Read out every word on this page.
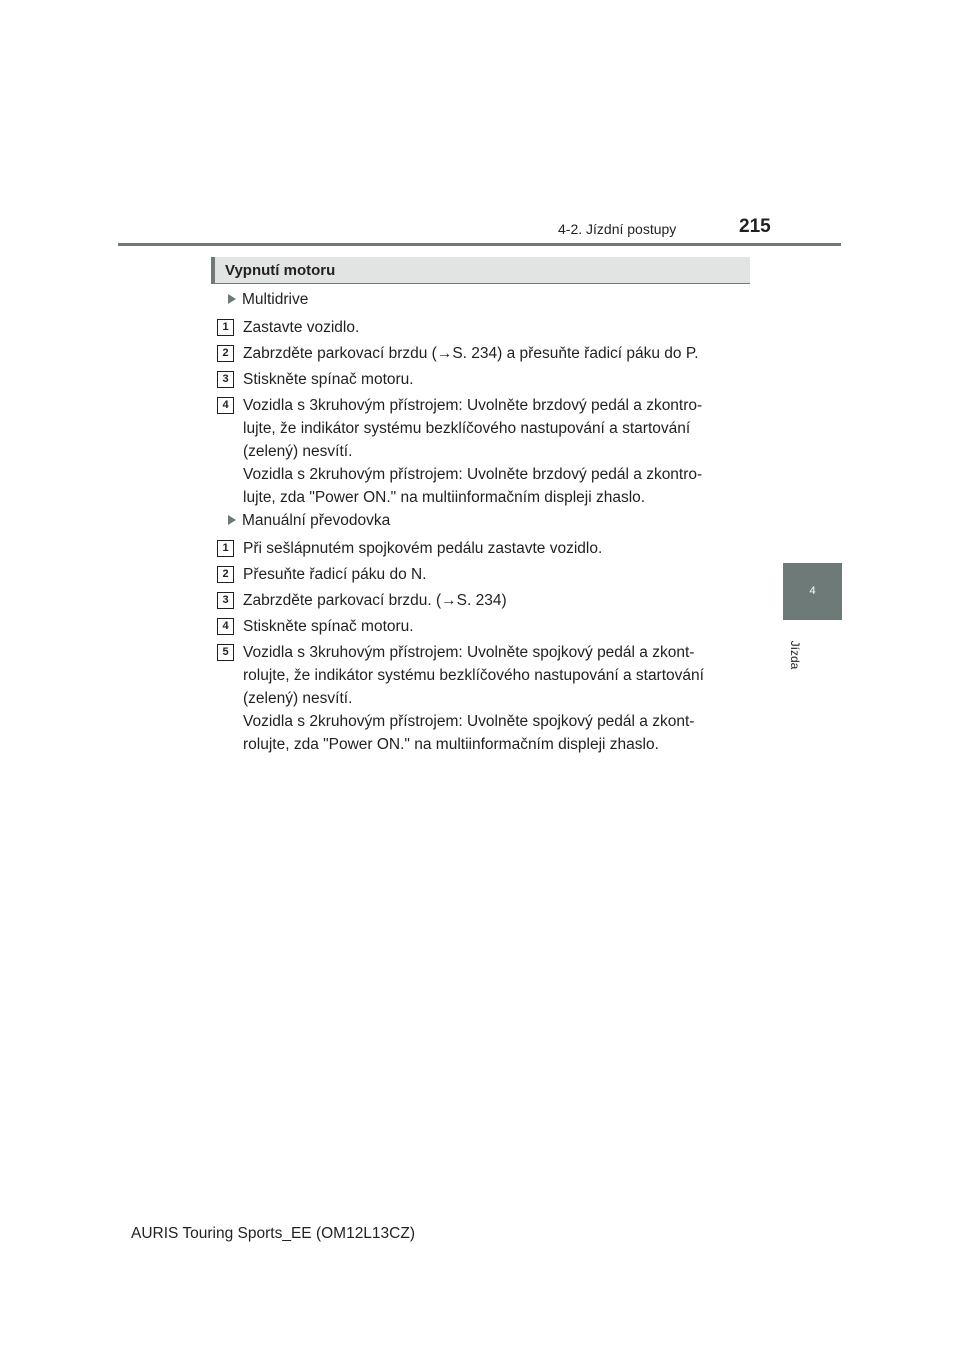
4-2. Jízdní postupy	215
4
Jízda
Vypnutí motoru
Multidrive
1 Zastavte vozidlo.
2 Zabrzděte parkovací brzdu (→S. 234) a přesuňte řadicí páku do P.
3 Stiskněte spínač motoru.
4 Vozidla s 3kruhovým přístrojem: Uvolněte brzdový pedál a zkontro-
lujte, že indikátor systému bezklíčového nastupování a startování
(zelený) nesvítí.
Vozidla s 2kruhovým přístrojem: Uvolněte brzdový pedál a zkontro-
lujte, zda "Power ON." na multiinformačním displeji zhaslo.
Manuální převodovka
1 Při sešlápnutém spojkovém pedálu zastavte vozidlo.
2 Přesuňte řadicí páku do N.
3 Zabrzděte parkovací brzdu. (→S. 234)
4 Stiskněte spínač motoru.
5 Vozidla s 3kruhovým přístrojem: Uvolněte spojkový pedál a zkont-
rolujte, že indikátor systému bezklíčového nastupování a startování
(zelený) nesvítí.
Vozidla s 2kruhovým přístrojem: Uvolněte spojkový pedál a zkont-
rolujte, zda "Power ON." na multiinformačním displeji zhaslo.
AURIS Touring Sports_EE (OM12L13CZ)
